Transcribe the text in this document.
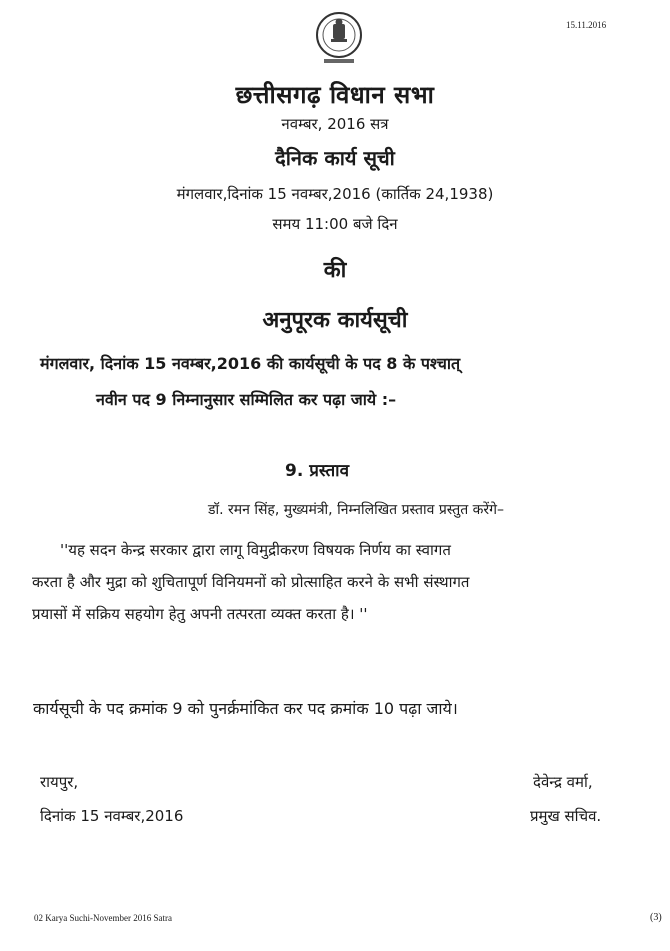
15.11.2016
छत्तीसगढ़ विधान सभा
नवम्बर, 2016 सत्र
दैनिक कार्य सूची
मंगलवार,दिनांक 15 नवम्बर,2016 (कार्तिक 24,1938)
समय 11:00 बजे दिन
की
अनुपूरक कार्यसूची
मंगलवार, दिनांक 15 नवम्बर,2016 की कार्यसूची के पद 8 के पश्चात्
नवीन पद 9 निम्नानुसार सम्मिलित कर पढ़ा जाये :–
9. प्रस्ताव
डॉ. रमन सिंह, मुख्यमंत्री, निम्नलिखित प्रस्ताव प्रस्तुत करेंगे–
''यह सदन केन्द्र सरकार द्वारा लागू विमुद्रीकरण विषयक निर्णय का स्वागत
करता है और मुद्रा को शुचितापूर्ण विनियमनों को प्रोत्साहित करने के सभी संस्थागत
प्रयासों में सक्रिय सहयोग हेतु अपनी तत्परता व्यक्त करता है। ''
कार्यसूची के पद क्रमांक 9 को पुनर्क्रमांकित कर पद क्रमांक 10 पढ़ा जाये।
रायपुर,	देवेन्द्र वर्मा,
दिनांक 15 नवम्बर,2016	प्रमुख सचिव.
02 Karya Suchi-November 2016 Satra	(3)
